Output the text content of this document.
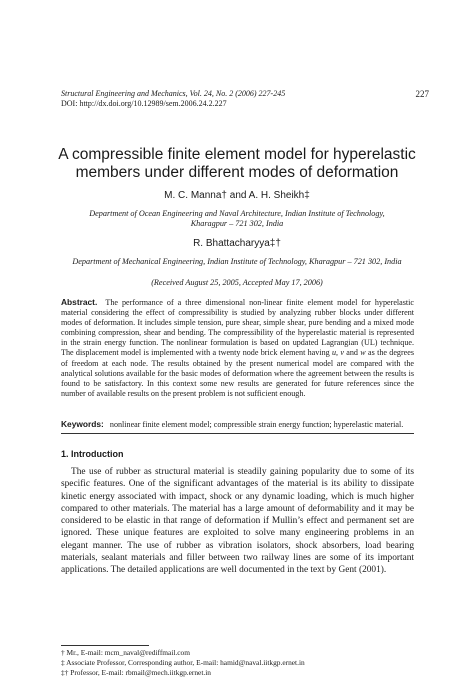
Structural Engineering and Mechanics, Vol. 24, No. 2 (2006) 227-245
DOI: http://dx.doi.org/10.12989/sem.2006.24.2.227
227
A compressible finite element model for hyperelastic
members under different modes of deformation
M. C. Manna† and A. H. Sheikh‡
Department of Ocean Engineering and Naval Architecture, Indian Institute of Technology,
Kharagpur – 721 302, India
R. Bhattacharyya‡†
Department of Mechanical Engineering, Indian Institute of Technology, Kharagpur – 721 302, India
(Received August 25, 2005, Accepted May 17, 2006)
Abstract. The performance of a three dimensional non-linear finite element model for hyperelastic material considering the effect of compressibility is studied by analyzing rubber blocks under different modes of deformation. It includes simple tension, pure shear, simple shear, pure bending and a mixed mode combining compression, shear and bending. The compressibility of the hyperelastic material is represented in the strain energy function. The nonlinear formulation is based on updated Lagrangian (UL) technique. The displacement model is implemented with a twenty node brick element having u, v and w as the degrees of freedom at each node. The results obtained by the present numerical model are compared with the analytical solutions available for the basic modes of deformation where the agreement between the results is found to be satisfactory. In this context some new results are generated for future references since the number of available results on the present problem is not sufficient enough.
Keywords: nonlinear finite element model; compressible strain energy function; hyperelastic material.
1. Introduction
The use of rubber as structural material is steadily gaining popularity due to some of its specific features. One of the significant advantages of the material is its ability to dissipate kinetic energy associated with impact, shock or any dynamic loading, which is much higher compared to other materials. The material has a large amount of deformability and it may be considered to be elastic in that range of deformation if Mullin’s effect and permanent set are ignored. These unique features are exploited to solve many engineering problems in an elegant manner. The use of rubber as vibration isolators, shock absorbers, load bearing materials, sealant materials and filler between two railway lines are some of its important applications. The detailed applications are well documented in the text by Gent (2001).
† Mr., E-mail: mcm_naval@rediffmail.com
‡ Associate Professor, Corresponding author, E-mail: hamid@naval.iitkgp.ernet.in
‡† Professor, E-mail: rbmail@mech.iitkgp.ernet.in
